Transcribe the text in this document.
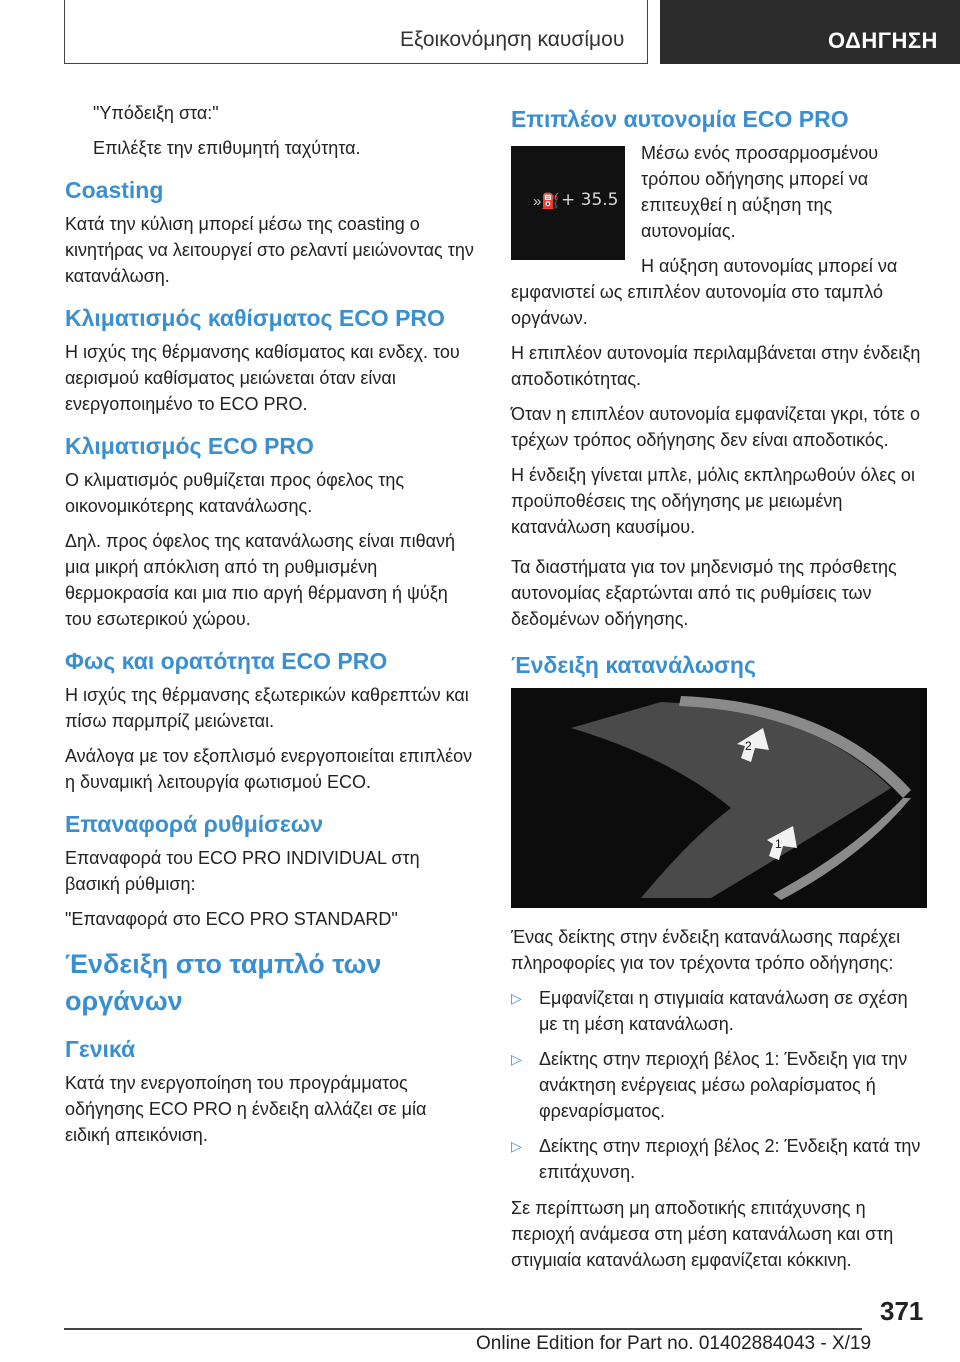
Εξοικονόμηση καυσίμου	ΟΔΗΓΗΣΗ

"Υπόδειξη στα:"

Επιλέξτε την επιθυμητή ταχύτητα.

Coasting

Κατά την κύλιση μπορεί μέσω της coasting ο κινητήρας να λειτουργεί στο ρελαντί μειώνοντας την κατανάλωση.

Κλιματισμός καθίσματος ECO PRO

Η ισχύς της θέρμανσης καθίσματος και ενδεχ. του αερισμού καθίσματος μειώνεται όταν είναι ενεργοποιημένο το ECO PRO.

Κλιματισμός ECO PRO

Ο κλιματισμός ρυθμίζεται προς όφελος της οικονομικότερης κατανάλωσης.

Δηλ. προς όφελος της κατανάλωσης είναι πιθανή μια μικρή απόκλιση από τη ρυθμισμένη θερμοκρασία και μια πιο αργή θέρμανση ή ψύξη του εσωτερικού χώρου.

Φως και ορατότητα ECO PRO

Η ισχύς της θέρμανσης εξωτερικών καθρεπτών και πίσω παρμπρίζ μειώνεται.

Ανάλογα με τον εξοπλισμό ενεργοποιείται επιπλέον η δυναμική λειτουργία φωτισμού ECO.

Επαναφορά ρυθμίσεων

Επαναφορά του ECO PRO INDIVIDUAL στη βασική ρύθμιση:

"Επαναφορά στο ECO PRO STANDARD"

Ένδειξη στο ταμπλό των οργάνων
Γενικά

Κατά την ενεργοποίηση του προγράμματος οδήγησης ECO PRO η ένδειξη αλλάζει σε μία ειδική απεικόνιση.

Επιπλέον αυτονομία ECO PRO
»⛽ + 35.5

Μέσω ενός προσαρμοσμένου τρόπου οδήγησης μπορεί να επιτευχθεί η αύξηση της αυτονομίας.

Η αύξηση αυτονομίας μπορεί να εμφανιστεί ως επιπλέον αυτονομία στο ταμπλό οργάνων.

Η επιπλέον αυτονομία περιλαμβάνεται στην ένδειξη αποδοτικότητας.

Όταν η επιπλέον αυτονομία εμφανίζεται γκρι, τότε ο τρέχων τρόπος οδήγησης δεν είναι αποδοτικός.

Η ένδειξη γίνεται μπλε, μόλις εκπληρωθούν όλες οι προϋποθέσεις της οδήγησης με μειωμένη κατανάλωση καυσίμου.

Τα διαστήματα για τον μηδενισμό της πρόσθετης αυτονομίας εξαρτώνται από τις ρυθμίσεις των δεδομένων οδήγησης.

Ένδειξη κατανάλωσης
2
1

Ένας δείκτης στην ένδειξη κατανάλωσης παρέχει πληροφορίες για τον τρέχοντα τρόπο οδήγησης:

▷ Εμφανίζεται η στιγμιαία κατανάλωση σε σχέση με τη μέση κατανάλωση.
▷ Δείκτης στην περιοχή βέλος 1: Ένδειξη για την ανάκτηση ενέργειας μέσω ρολαρίσματος ή φρεναρίσματος.
▷ Δείκτης στην περιοχή βέλος 2: Ένδειξη κατά την επιτάχυνση.

Σε περίπτωση μη αποδοτικής επιτάχυνσης η περιοχή ανάμεσα στη μέση κατανάλωση και στη στιγμιαία κατανάλωση εμφανίζεται κόκκινη.

371
Online Edition for Part no. 01402884043 - X/19
